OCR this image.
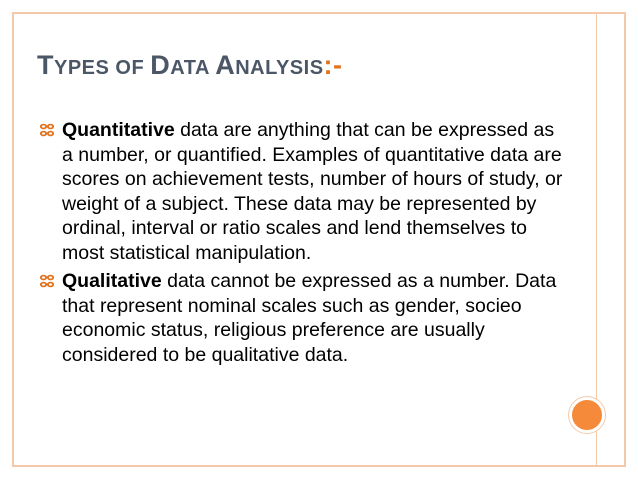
TYPES OF DATA ANALYSIS:-
Quantitative data are anything that can be expressed as a number, or quantified. Examples of quantitative data are scores on achievement tests, number of hours of study, or weight of a subject. These data may be represented by ordinal, interval or ratio scales and lend themselves to most statistical manipulation.
Qualitative data cannot be expressed as a number. Data that represent nominal scales such as gender, socieo economic status, religious preference are usually considered to be qualitative data.
